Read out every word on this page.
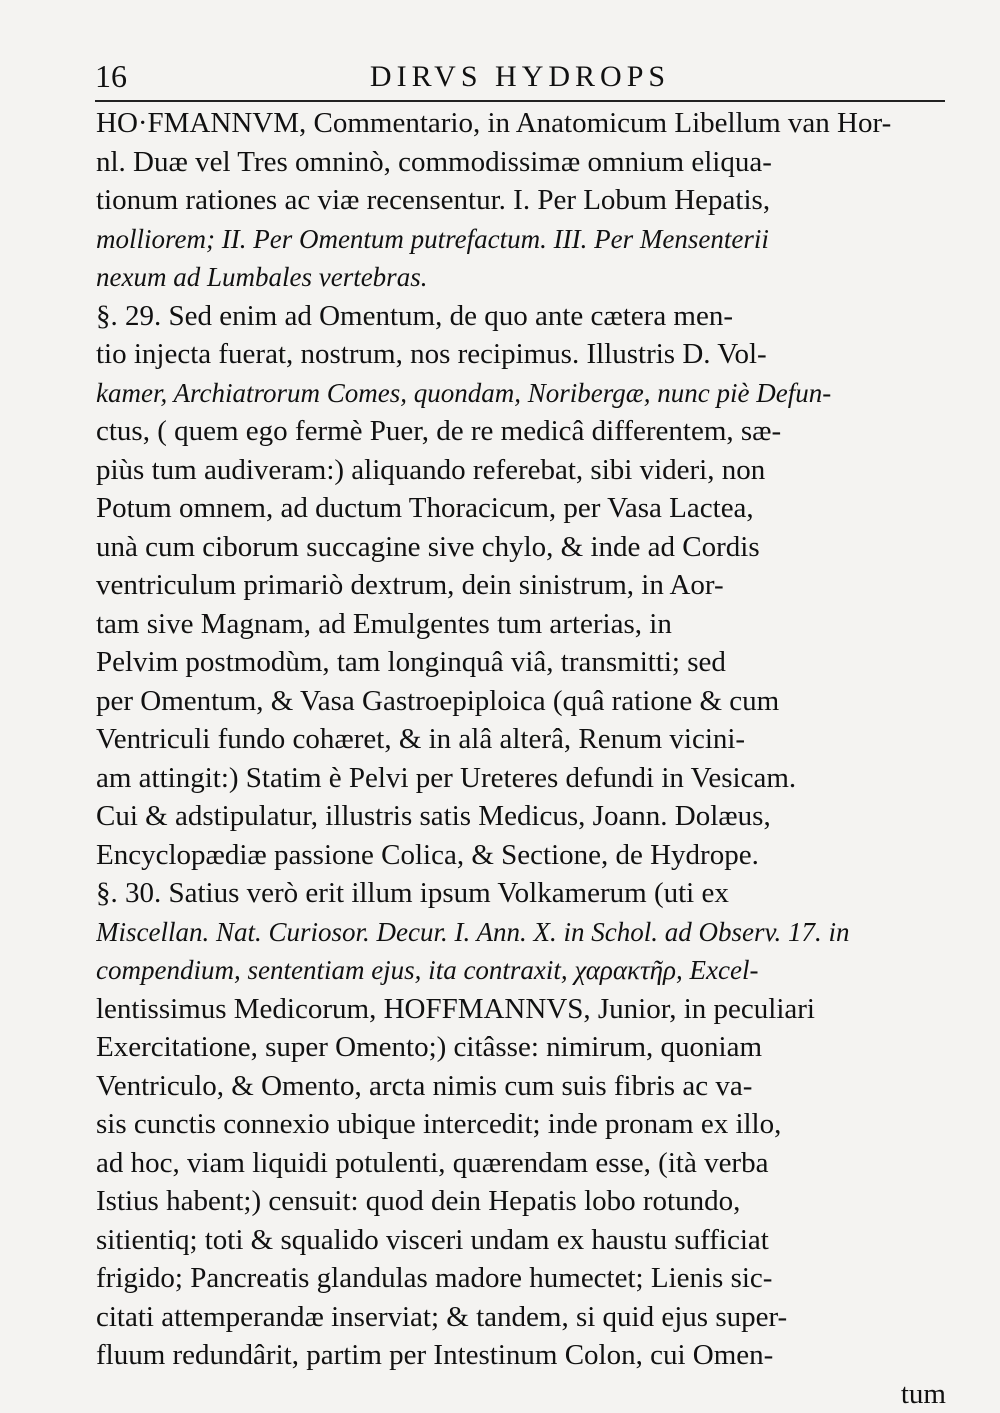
16	DIRVS HYDROPS
HO·FMANNVM, Commentario, in Anatomicum Libellum van Hor-
nl. Duæ vel Tres omninò, commodissimæ omnium eliqua-
tionum rationes ac viæ recensentur. I. Per Lobum Hepatis,
molliorem; II. Per Omentum putrefactum. III. Per Mensenterii
nexum ad Lumbales vertebras.
§. 29. Sed enim ad Omentum, de quo ante cætera men-
tio injecta fuerat, nostrum, nos recipimus. Illustris D. Vol-
kamer, Archiatrorum Comes, quondam, Noribergæ, nunc piè Defun-
ctus, ( quem ego fermè Puer, de re medicâ differentem, sæ-
piùs tum audiveram:) aliquando referebat, sibi videri, non
Potum omnem, ad ductum Thoracicum, per Vasa Lactea,
unà cum ciborum succagine sive chylo, & inde ad Cordis
ventriculum primariò dextrum, dein sinistrum, in Aor-
tam sive Magnam, ad Emulgentes tum arterias, in
Pelvim postmodùm, tam longinquâ viâ, transmitti; sed
per Omentum, & Vasa Gastroepiploica (quâ ratione & cum
Ventriculi fundo cohæret, & in alâ alterâ, Renum vicini-
am attingit:) Statim è Pelvi per Ureteres defundi in Vesicam.
Cui & adstipulatur, illustris satis Medicus, Joann. Dolæus,
Encyclopædiæ passione Colica, & Sectione, de Hydrope.
§. 30. Satius verò erit illum ipsum Volkamerum (uti ex
Miscellan. Nat. Curiosor. Decur. I. Ann. X. in Schol. ad Observ. 17. in
compendium, sententiam ejus, ita contraxit, χαρακτῆρ, Excel-
lentissimus Medicorum, HOFFMANNVS, Junior, in peculiari
Exercitatione, super Omento;) citâsse: nimirum, quoniam
Ventriculo, & Omento, arcta nimis cum suis fibris ac va-
sis cunctis connexio ubique intercedit; inde pronam ex illo,
ad hoc, viam liquidi potulenti, quærendam esse, (ità verba
Istius habent;) censuit: quod dein Hepatis lobo rotundo,
sitientiq; toti & squalido visceri undam ex haustu sufficiat
frigido; Pancreatis glandulas madore humectet; Lienis sic-
citati attemperandæ inserviat; & tandem, si quid ejus super-
fluum redundârit, partim per Intestinum Colon, cui Omen-
tum
